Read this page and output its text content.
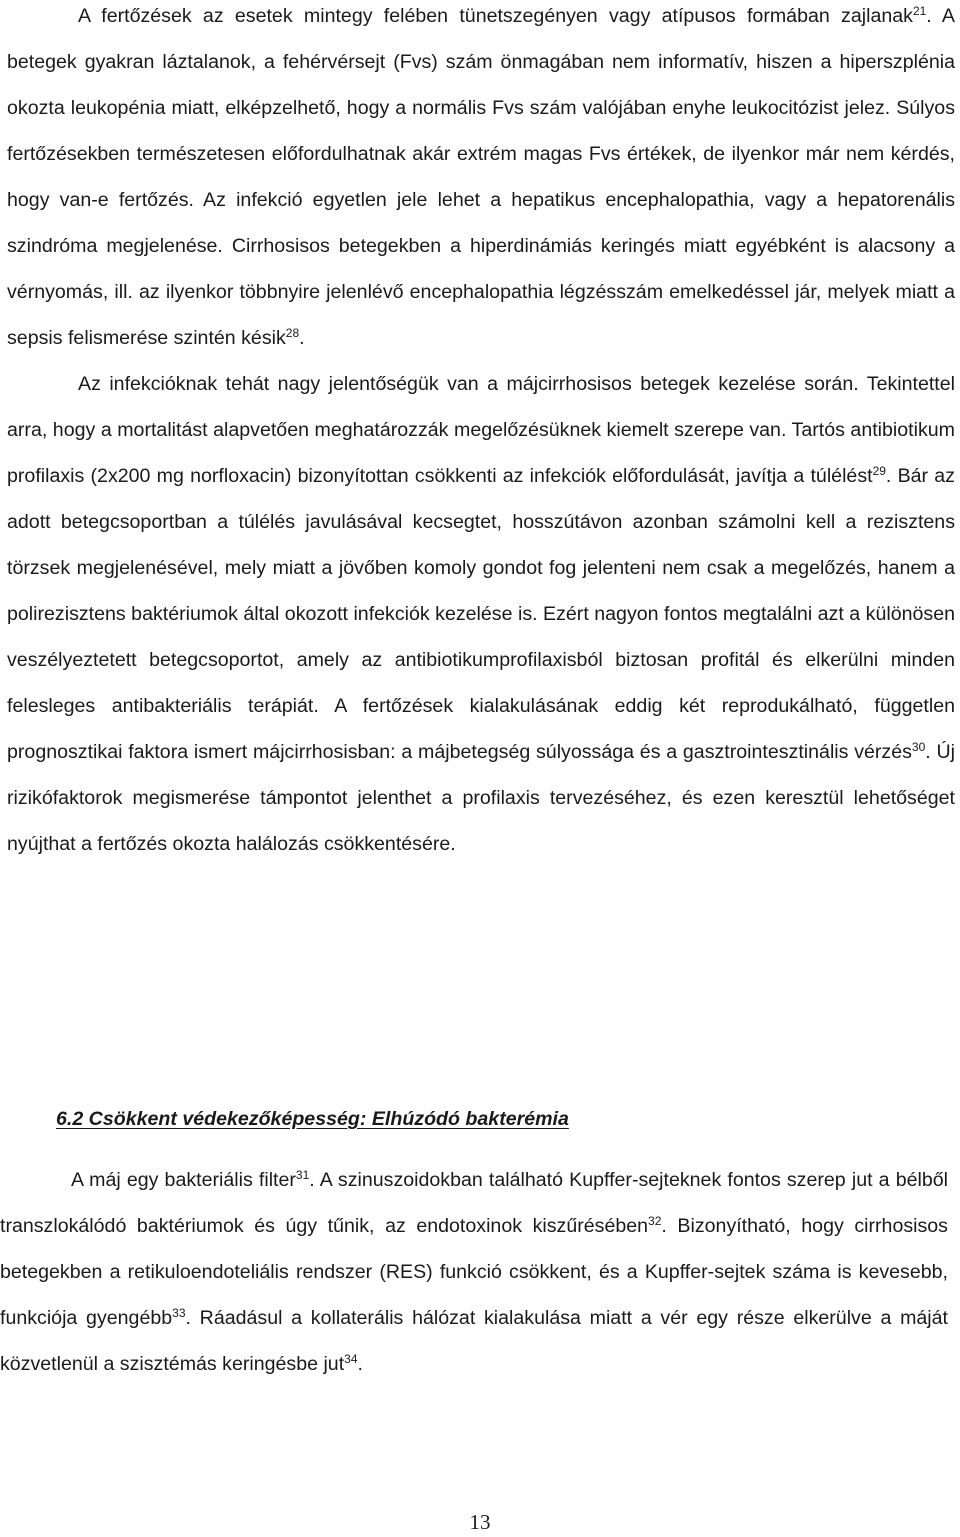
A fertőzések az esetek mintegy felében tünetszegényen vagy atípusos formában zajlanak$^{21}$. A betegek gyakran láztalanok, a fehérvérsejt (Fvs) szám önmagában nem informatív, hiszen a hiperszplénia okozta leukopénia miatt, elképzelhető, hogy a normális Fvs szám valójában enyhe leukocitózist jelez. Súlyos fertőzésekben természetesen előfordulhatnak akár extrém magas Fvs értékek, de ilyenkor már nem kérdés, hogy van-e fertőzés. Az infekció egyetlen jele lehet a hepatikus encephalopathia, vagy a hepatorenális szindróma megjelenése. Cirrhosisos betegekben a hiperdinámiás keringés miatt egyébként is alacsony a vérnyomás, ill. az ilyenkor többnyire jelenlévő encephalopathia légzésszám emelkedéssel jár, melyek miatt a sepsis felismerése szintén késik$^{28}$.

Az infekcióknak tehát nagy jelentőségük van a májcirrhosisos betegek kezelése során. Tekintettel arra, hogy a mortalitást alapvetően meghatározzák megelőzésüknek kiemelt szerepe van. Tartós antibiotikum profilaxis (2x200 mg norfloxacin) bizonyítottan csökkenti az infekciók előfordulását, javítja a túlélést$^{29}$. Bár az adott betegcsoportban a túlélés javulásával kecsegtet, hosszútávon azonban számolni kell a rezisztens törzsek megjelenésével, mely miatt a jövőben komoly gondot fog jelenteni nem csak a megelőzés, hanem a polirezisztens baktériumok által okozott infekciók kezelése is. Ezért nagyon fontos megtalálni azt a különösen veszélyeztetett betegcsoportot, amely az antibiotikumprofilaxisból biztosan profitál és elkerülni minden felesleges antibakteriális terápiát. A fertőzések kialakulásának eddig két reprodukálható, független prognosztikai faktora ismert májcirrhosisban: a májbetegség súlyossága és a gasztrointesztinális vérzés$^{30}$. Új rizikófaktorok megismerése támpontot jelenthet a profilaxis tervezéséhez, és ezen keresztül lehetőséget nyújthat a fertőzés okozta halálozás csökkentésére.

6.2 Csökkent védekezőképesség: Elhúzódó bakterémia

A máj egy bakteriális filter$^{31}$. A szinuszoidokban található Kupffer-sejteknek fontos szerep jut a bélből transzlokálódó baktériumok és úgy tűnik, az endotoxinok kiszűrésében$^{32}$. Bizonyítható, hogy cirrhosisos betegekben a retikuloendoteliális rendszer (RES) funkció csökkent, és a Kupffer-sejtek száma is kevesebb, funkciója gyengébb$^{33}$. Ráadásul a kollaterális hálózat kialakulása miatt a vér egy része elkerülve a máját közvetlenül a szisztémás keringésbe jut$^{34}$.

13
